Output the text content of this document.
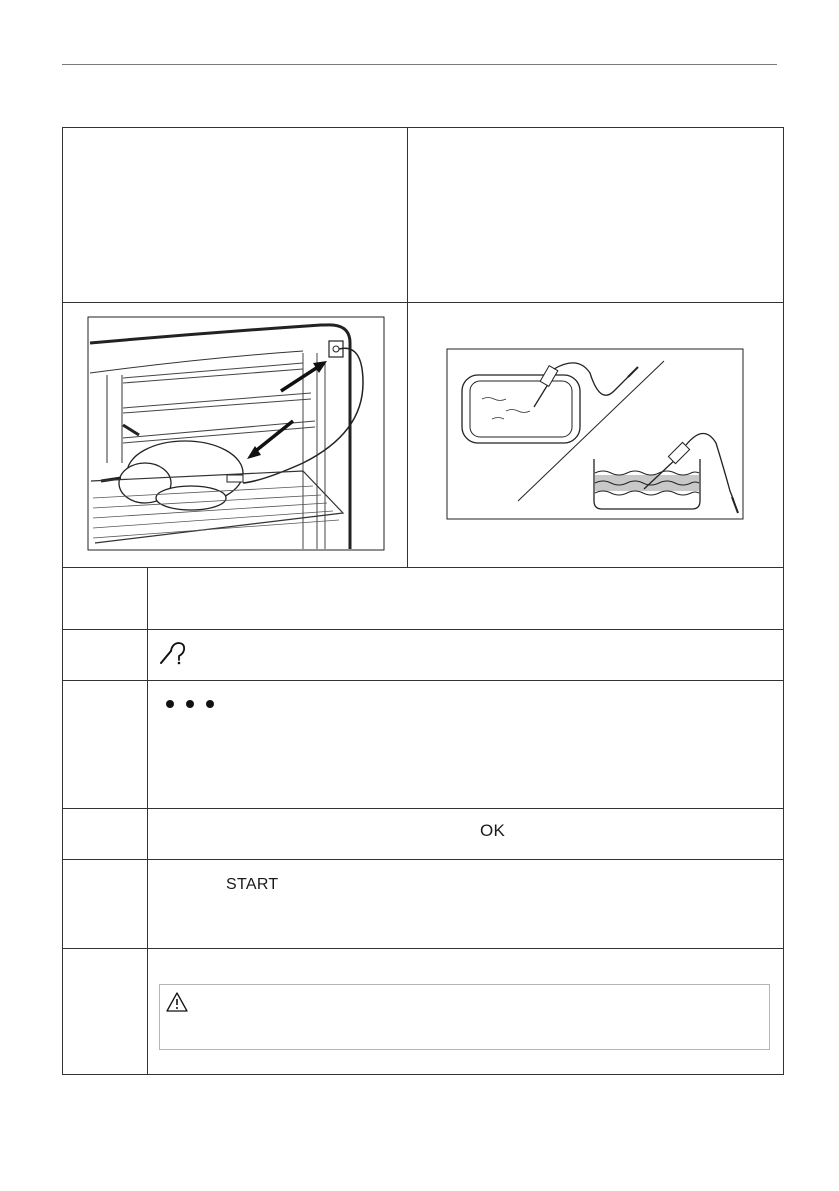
	OK	

	START	
